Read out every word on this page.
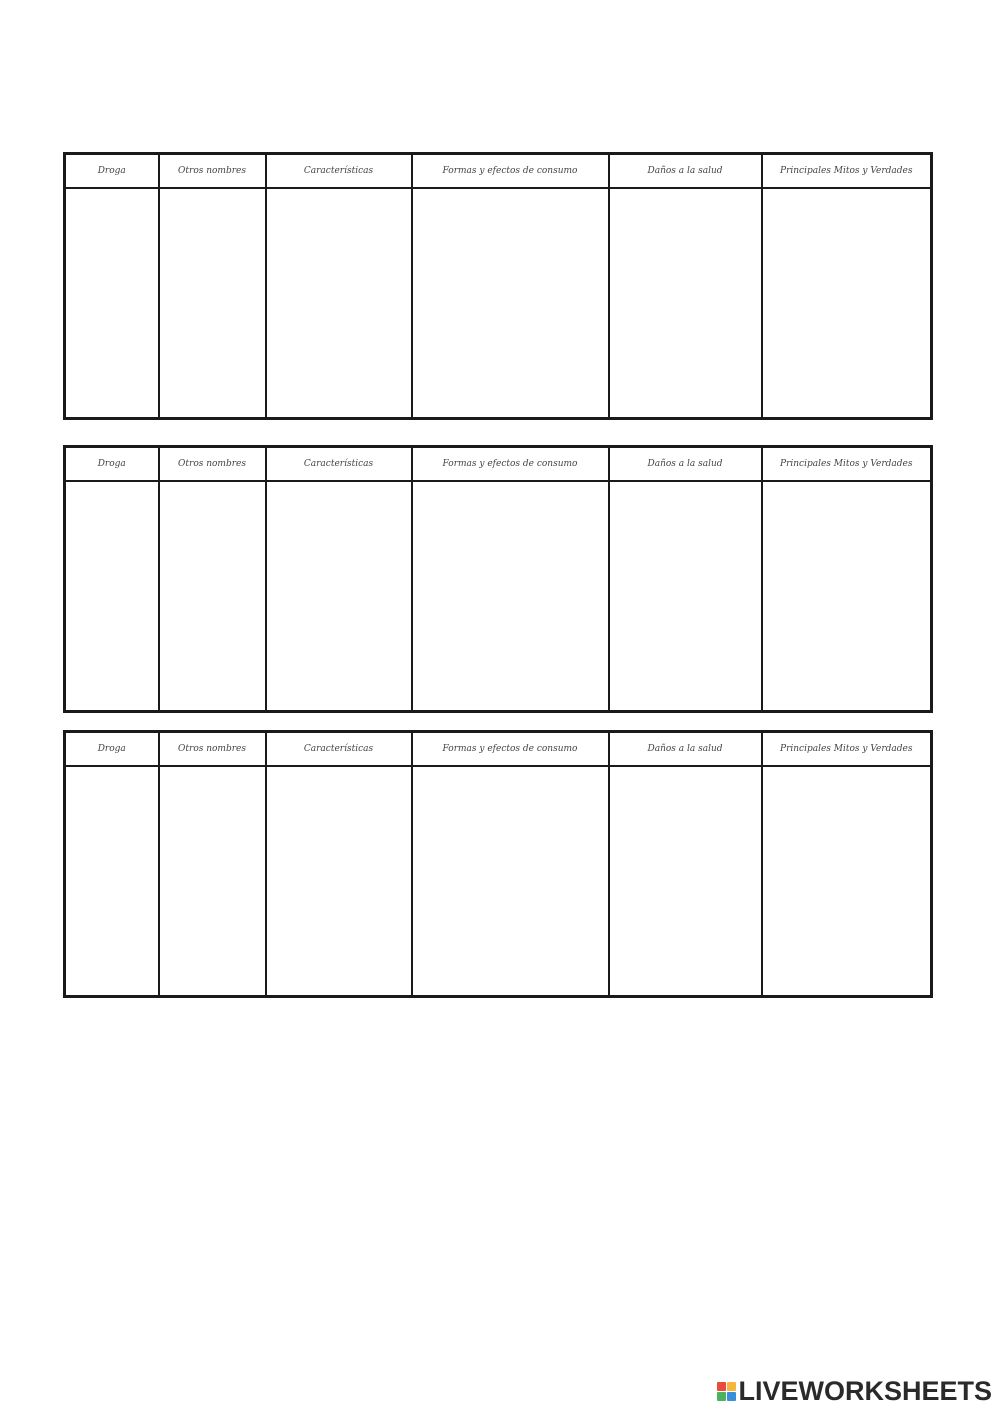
Droga	Otros nombres	Características	Formas y efectos de consumo	Daños a la salud	Principales Mitos y Verdades

Droga	Otros nombres	Características	Formas y efectos de consumo	Daños a la salud	Principales Mitos y Verdades

Droga	Otros nombres	Características	Formas y efectos de consumo	Daños a la salud	Principales Mitos y Verdades

LIVEWORKSHEETS
